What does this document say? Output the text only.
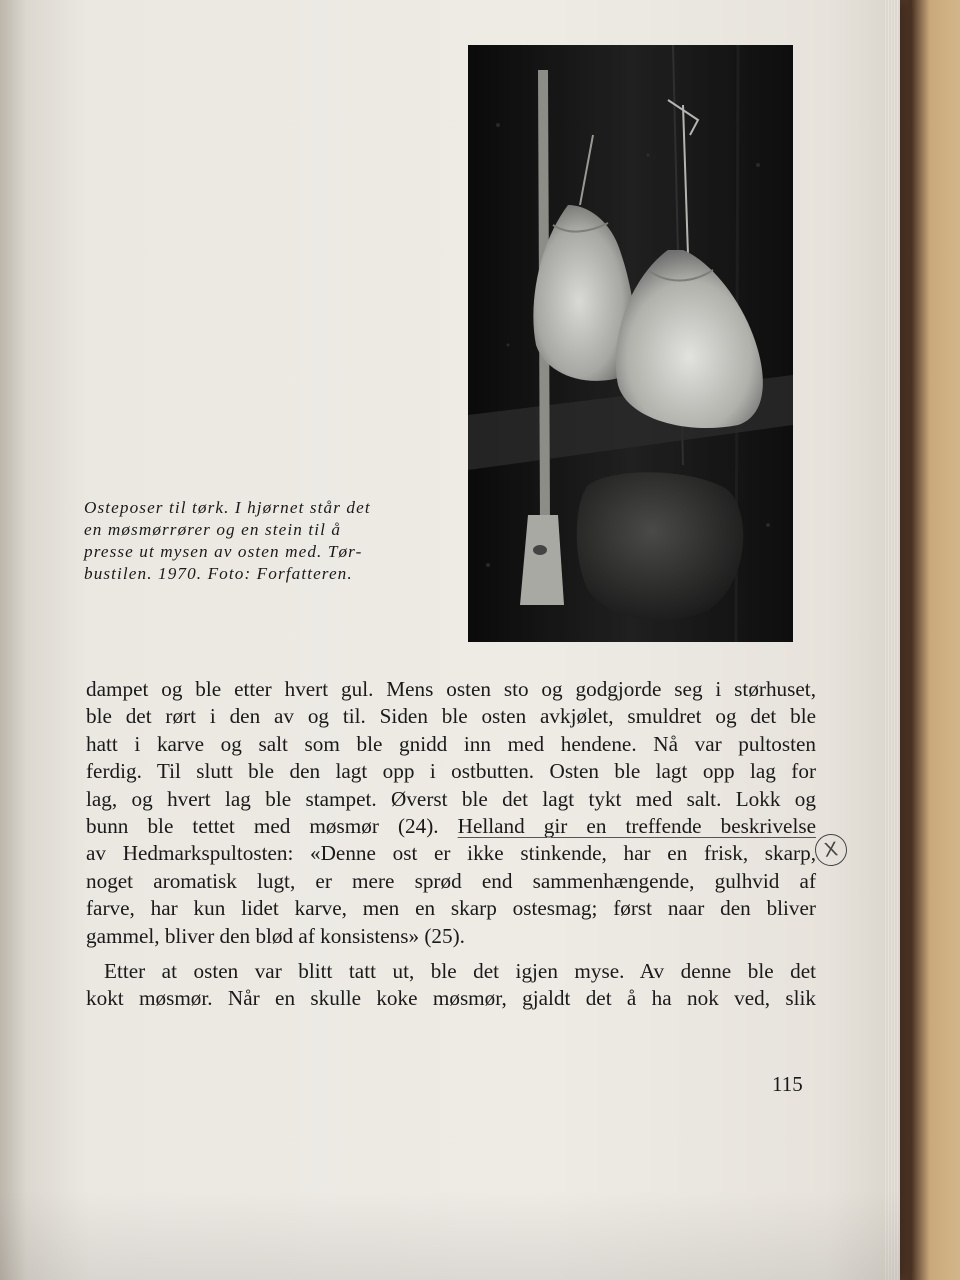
Osteposer til tørk. I hjørnet står det
en møsmørrører og en stein til å
presse ut mysen av osten med. Tør-
bustilen. 1970. Foto: Forfatteren.

dampet og ble etter hvert gul. Mens osten sto og godgjorde seg i størhuset,
ble det rørt i den av og til. Siden ble osten avkjølet, smuldret og det ble
hatt i karve og salt som ble gnidd inn med hendene. Nå var pultosten
ferdig. Til slutt ble den lagt opp i ostbutten. Osten ble lagt opp lag for
lag, og hvert lag ble stampet. Øverst ble det lagt tykt med salt. Lokk og
bunn ble tettet med møsmør (24). Helland gir en treffende beskrivelse
av Hedmarkspultosten: «Denne ost er ikke stinkende, har en frisk, skarp,
noget aromatisk lugt, er mere sprød end sammenhængende, gulhvid af
farve, har kun lidet karve, men en skarp ostesmag; først naar den bliver
gammel, bliver den blød af konsistens» (25).
Etter at osten var blitt tatt ut, ble det igjen myse. Av denne ble det
kokt møsmør. Når en skulle koke møsmør, gjaldt det å ha nok ved, slik
X
115
